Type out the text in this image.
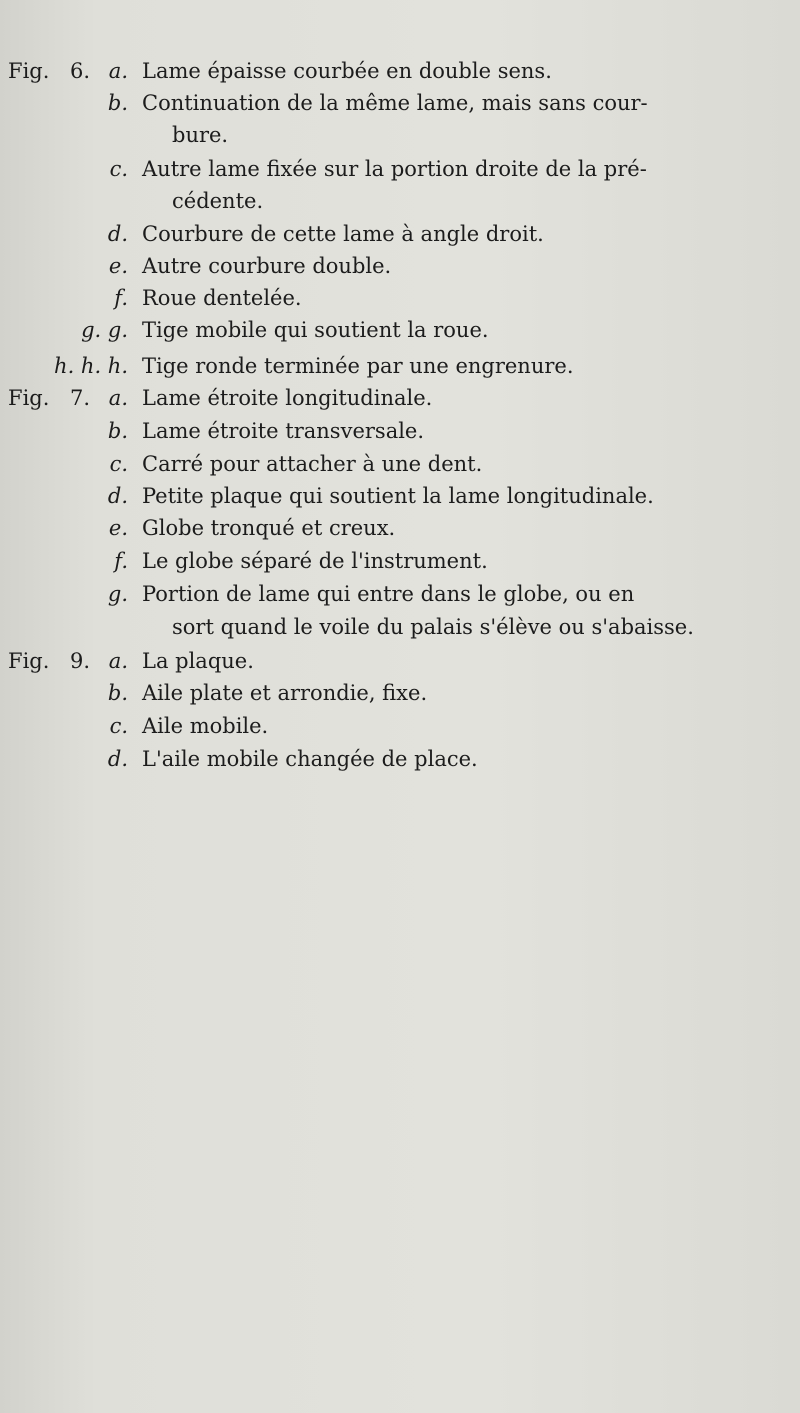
Fig. 6. a. Lame épaisse courbée en double sens.
b. Continuation de la même lame, mais sans cour-
bure.
c. Autre lame fixée sur la portion droite de la pré-
cédente.
d. Courbure de cette lame à angle droit.
e. Autre courbure double.
f. Roue dentelée.
g. g. Tige mobile qui soutient la roue.
h. h. h. Tige ronde terminée par une engrenure.
Fig. 7. a. Lame étroite longitudinale.
b. Lame étroite transversale.
c. Carré pour attacher à une dent.
d. Petite plaque qui soutient la lame longitudinale.
e. Globe tronqué et creux.
f. Le globe séparé de l'instrument.
g. Portion de lame qui entre dans le globe, ou en
sort quand le voile du palais s'élève ou s'abaisse.
Fig. 9. a. La plaque.
b. Aile plate et arrondie, fixe.
c. Aile mobile.
d. L'aile mobile changée de place.
